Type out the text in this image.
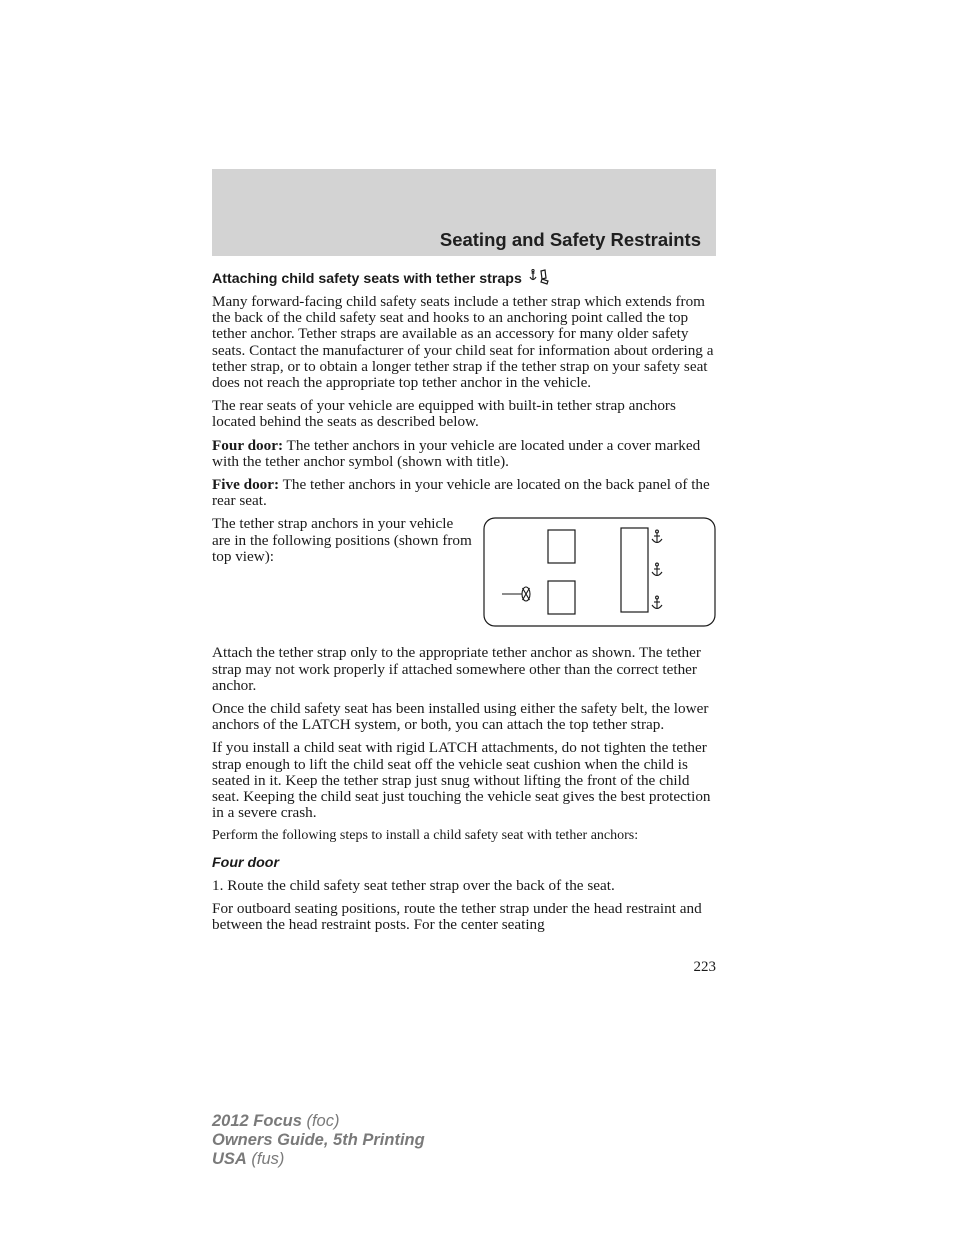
Seating and Safety Restraints
Attaching child safety seats with tether straps

Many forward-facing child safety seats include a tether strap which extends from the back of the child safety seat and hooks to an anchoring point called the top tether anchor. Tether straps are available as an accessory for many older safety seats. Contact the manufacturer of your child seat for information about ordering a tether strap, or to obtain a longer tether strap if the tether strap on your safety seat does not reach the appropriate top tether anchor in the vehicle.

The rear seats of your vehicle are equipped with built-in tether strap anchors located behind the seats as described below.

Four door: The tether anchors in your vehicle are located under a cover marked with the tether anchor symbol (shown with title).

Five door: The tether anchors in your vehicle are located on the back panel of the rear seat.

The tether strap anchors in your vehicle are in the following positions (shown from top view):

Attach the tether strap only to the appropriate tether anchor as shown. The tether strap may not work properly if attached somewhere other than the correct tether anchor.

Once the child safety seat has been installed using either the safety belt, the lower anchors of the LATCH system, or both, you can attach the top tether strap.

If you install a child seat with rigid LATCH attachments, do not tighten the tether strap enough to lift the child seat off the vehicle seat cushion when the child is seated in it. Keep the tether strap just snug without lifting the front of the child seat. Keeping the child seat just touching the vehicle seat gives the best protection in a severe crash.

Perform the following steps to install a child safety seat with tether anchors:

Four door

1. Route the child safety seat tether strap over the back of the seat.

For outboard seating positions, route the tether strap under the head restraint and between the head restraint posts. For the center seating

223
2012 Focus (foc)
Owners Guide, 5th Printing
USA (fus)
